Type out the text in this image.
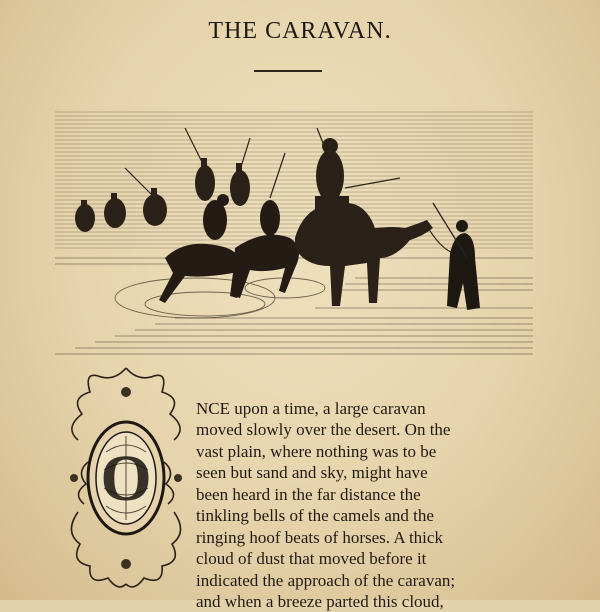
THE CARAVAN.
O
NCE upon a time, a large caravan
moved slowly over the desert. On the
vast plain, where nothing was to be
seen but sand and sky, might have
been heard in the far distance the
tinkling bells of the camels and the
ringing hoof beats of horses. A thick
cloud of dust that moved before it
indicated the approach of the caravan;
and when a breeze parted this cloud,
